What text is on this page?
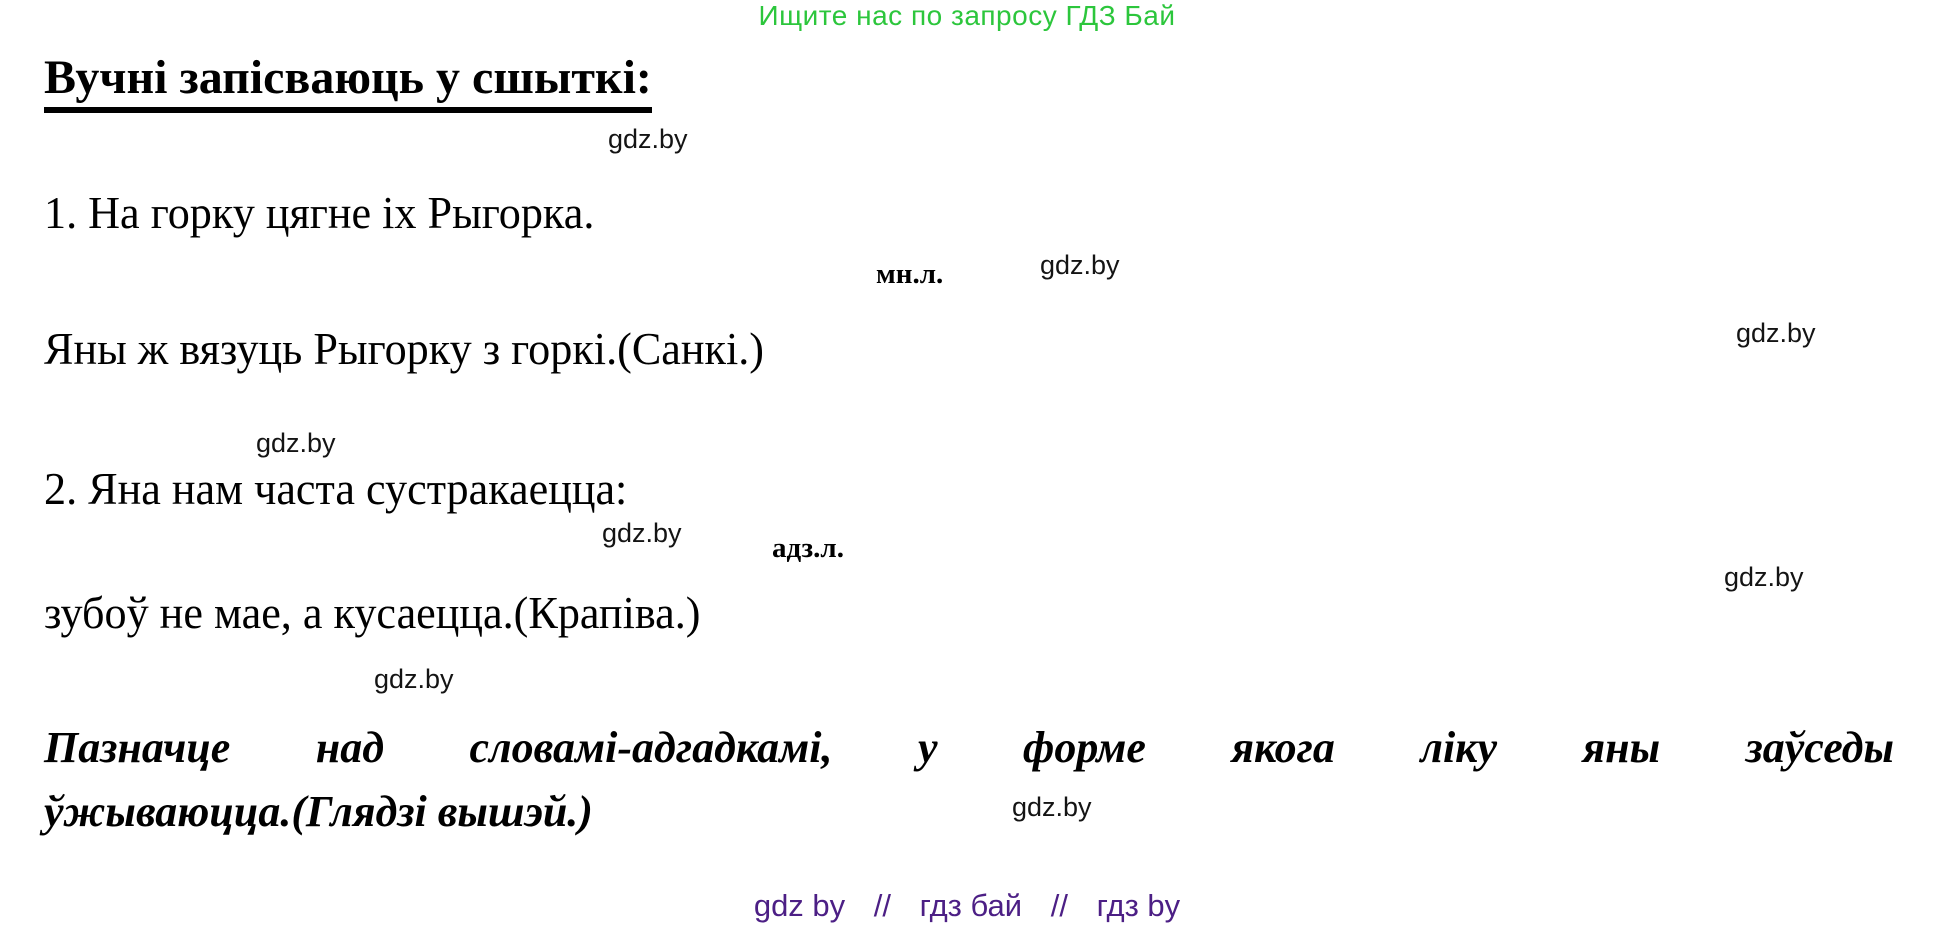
Ищите нас по запросу ГДЗ Бай
Вучні запісваюць у сшыткі:
gdz.by
1. На горку цягне іх Рыгорка.
мн.л.	gdz.by
Яны ж вязуць Рыгорку з горкі.(Санкі.)	gdz.by
gdz.by
2. Яна нам часта сустракаецца:
gdz.by	адз.л.
зубоў не мае, а кусаецца.(Крапіва.)
gdz.by
gdz.by
Пазначце над словамі-адгадкамі, у форме якога ліку яны заўседы
ўжываюцца.(Глядзі вышэй.)	gdz.by
gdz by // гдз бай // гдз by
